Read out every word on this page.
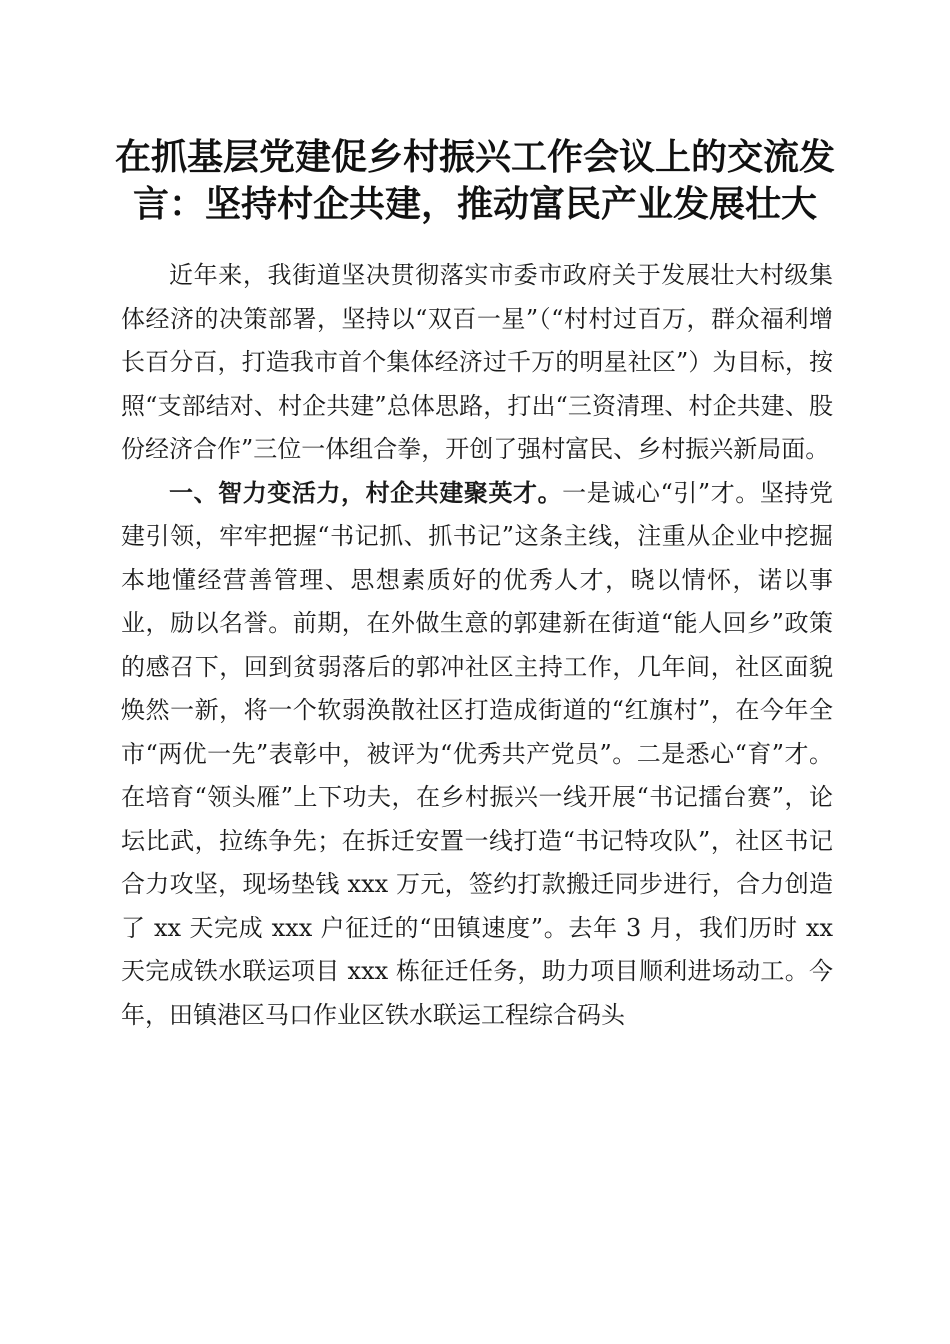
在抓基层党建促乡村振兴工作会议上的交流发言：坚持村企共建，推动富民产业发展壮大

近年来，我街道坚决贯彻落实市委市政府关于发展壮大村级集体经济的决策部署，坚持以“双百一星”（“村村过百万，群众福利增长百分百，打造我市首个集体经济过千万的明星社区”）为目标，按照“支部结对、村企共建”总体思路，打出“三资清理、村企共建、股份经济合作”三位一体组合拳，开创了强村富民、乡村振兴新局面。

一、智力变活力，村企共建聚英才。一是诚心“引”才。坚持党建引领，牢牢把握“书记抓、抓书记”这条主线，注重从企业中挖掘本地懂经营善管理、思想素质好的优秀人才，晓以情怀，诺以事业，励以名誉。前期，在外做生意的郭建新在街道“能人回乡”政策的感召下，回到贫弱落后的郭冲社区主持工作，几年间，社区面貌焕然一新，将一个软弱涣散社区打造成街道的“红旗村”，在今年全市“两优一先”表彰中，被评为“优秀共产党员”。二是悉心“育”才。在培育“领头雁”上下功夫，在乡村振兴一线开展“书记擂台赛”，论坛比武，拉练争先；在拆迁安置一线打造“书记特攻队”，社区书记合力攻坚，现场垫钱 xxx 万元，签约打款搬迁同步进行，合力创造了 xx 天完成 xxx 户征迁的“田镇速度”。去年 3 月，我们历时 xx 天完成铁水联运项目 xxx 栋征迁任务，助力项目顺利进场动工。今年，田镇港区马口作业区铁水联运工程综合码头
